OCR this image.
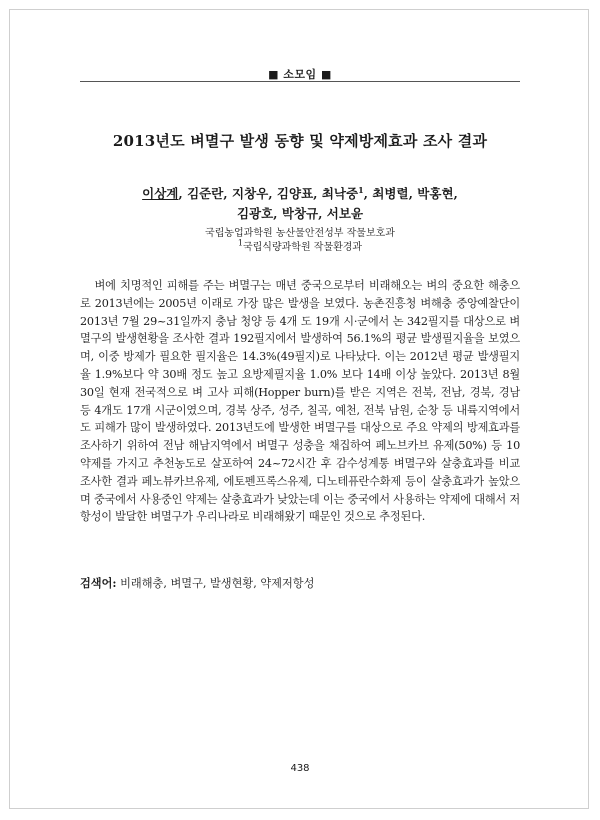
■ 소모임 ■
2013년도 벼멸구 발생 동향 및 약제방제효과 조사 결과
이상계, 김준란, 지창우, 김양표, 최낙중$^1$, 최병렬, 박홍현,
김광호, 박창규, 서보윤
국립농업과학원 농산물안전성부 작물보호과
$^1$국립식량과학원 작물환경과

벼에 치명적인 피해를 주는 벼멸구는 매년 중국으로부터 비래해오는 벼의 중요한 해충으로 2013년에는 2005년 이래로 가장 많은 발생을 보였다. 농촌진흥청 벼해충 중앙예찰단이 2013년 7월 29~31일까지 충남 청양 등 4개 도 19개 시·군에서 논 342필지를 대상으로 벼멸구의 발생현황을 조사한 결과 192필지에서 발생하여 56.1%의 평균 발생필지율을 보였으며, 이중 방제가 필요한 필지율은 14.3%(49필지)로 나타났다. 이는 2012년 평균 발생필지율 1.9%보다 약 30배 정도 높고 요방제필지율 1.0% 보다 14배 이상 높았다. 2013년 8월 30일 현재 전국적으로 벼 고사 피해(Hopper burn)를 받은 지역은 전북, 전남, 경북, 경남 등 4개도 17개 시군이였으며, 경북 상주, 성주, 칠곡, 예천, 전북 남원, 순창 등 내륙지역에서도 피해가 많이 발생하였다. 2013년도에 발생한 벼멸구를 대상으로 주요 약제의 방제효과를 조사하기 위하여 전남 해남지역에서 벼멸구 성충을 채집하여 페노브카브 유제(50%) 등 10약제를 가지고 추천농도로 살포하여 24~72시간 후 감수성계통 벼멸구와 살충효과를 비교 조사한 결과 페노뷰카브유제, 에토펜프록스유제, 디노테퓨란수화제 등이 살충효과가 높았으며 중국에서 사용중인 약제는 살충효과가 낮았는데 이는 중국에서 사용하는 약제에 대해서 저항성이 발달한 벼멸구가 우리나라로 비래해왔기 때문인 것으로 추정된다.

검색어: 비래해충, 벼멸구, 발생현황, 약제저항성
438
